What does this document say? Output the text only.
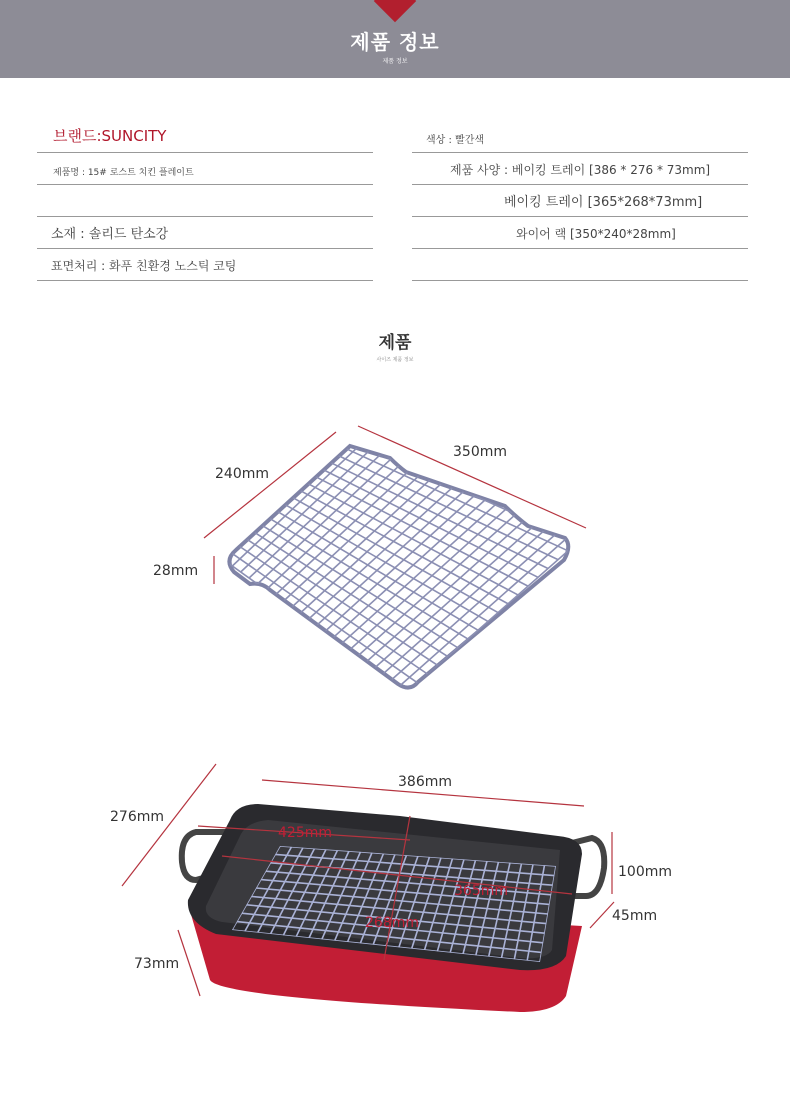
제품 정보
제품 정보
브랜드:SUNCITY
제품명 : 15# 로스트 치킨 플레이트
소재 : 솔리드 탄소강
표면처리 : 화푸 친환경 노스틱 코팅
색상 : 빨간색
제품 사양 : 베이킹 트레이 [386 * 276 * 73mm]
베이킹 트레이 [365*268*73mm]
와이어 랙 [350*240*28mm]
제품
사이즈 제품 정보
350mm
240mm
28mm
386mm
276mm
73mm
425mm
365mm
268mm
100mm
45mm
